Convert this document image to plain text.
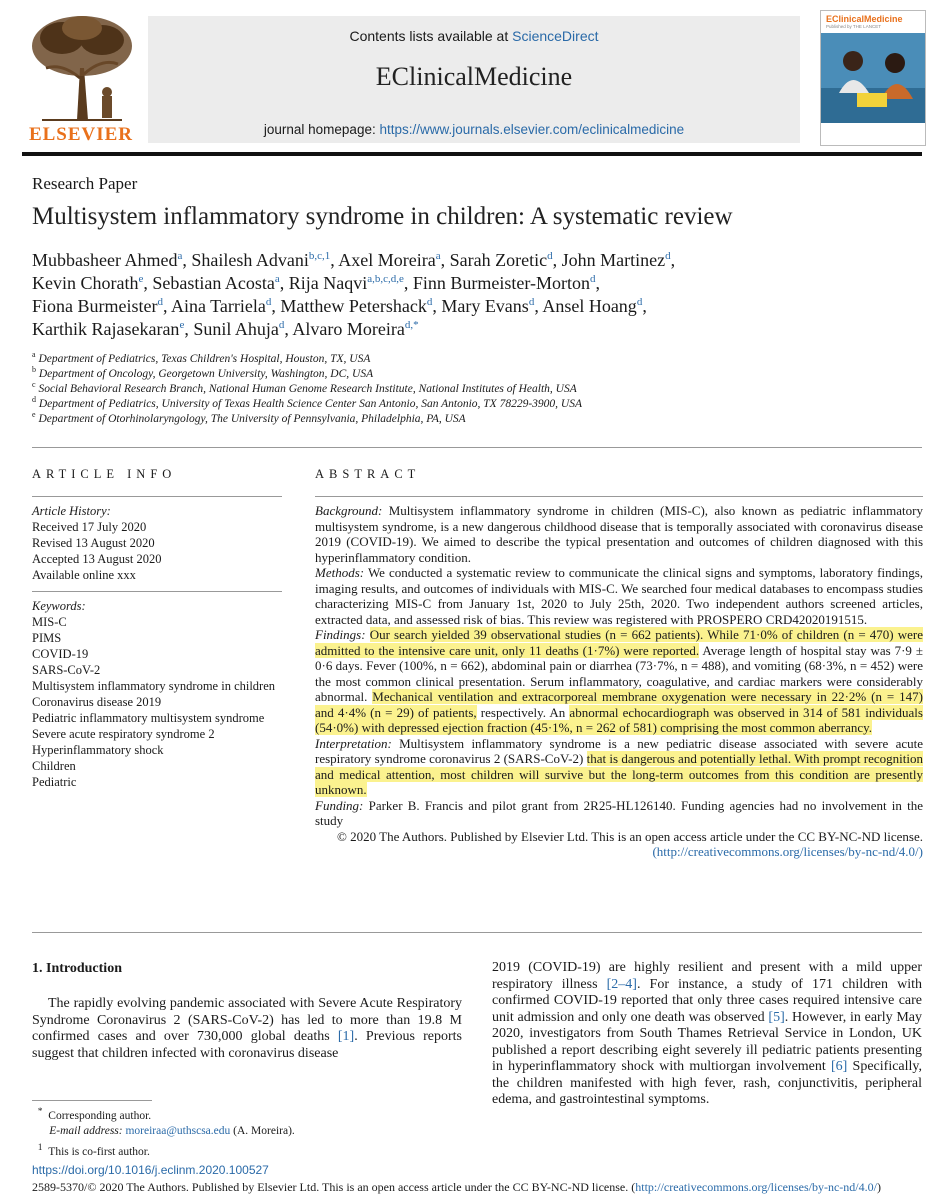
ELSEVIER
Contents lists available at ScienceDirect
EClinicalMedicine
journal homepage: https://www.journals.elsevier.com/eclinicalmedicine
EClinicalMedicine
Published by THE LANCET
Research Paper
Multisystem inflammatory syndrome in children: A systematic review
Mubbasheer Ahmed$^a$, Shailesh Advani$^{b,c,1}$, Axel Moreira$^a$, Sarah Zoretic$^d$, John Martinez$^d$,
Kevin Chorath$^e$, Sebastian Acosta$^a$, Rija Naqvi$^{a,b,c,d,e}$, Finn Burmeister-Morton$^d$,
Fiona Burmeister$^d$, Aina Tarriela$^d$, Matthew Petershack$^d$, Mary Evans$^d$, Ansel Hoang$^d$,
Karthik Rajasekaran$^e$, Sunil Ahuja$^d$, Alvaro Moreira$^{d,*}$
$^a$ Department of Pediatrics, Texas Children's Hospital, Houston, TX, USA
$^b$ Department of Oncology, Georgetown University, Washington, DC, USA
$^c$ Social Behavioral Research Branch, National Human Genome Research Institute, National Institutes of Health, USA
$^d$ Department of Pediatrics, University of Texas Health Science Center San Antonio, San Antonio, TX 78229-3900, USA
$^e$ Department of Otorhinolaryngology, The University of Pennsylvania, Philadelphia, PA, USA
ARTICLE INFO
Article History:
Received 17 July 2020
Revised 13 August 2020
Accepted 13 August 2020
Available online xxx
Keywords:
MIS-C
PIMS
COVID-19
SARS-CoV-2
Multisystem inflammatory syndrome in children
Coronavirus disease 2019
Pediatric inflammatory multisystem syndrome
Severe acute respiratory syndrome 2
Hyperinflammatory shock
Children
Pediatric
ABSTRACT

Background: Multisystem inflammatory syndrome in children (MIS-C), also known as pediatric inflammatory multisystem syndrome, is a new dangerous childhood disease that is temporally associated with coronavirus disease 2019 (COVID-19). We aimed to describe the typical presentation and outcomes of children diagnosed with this hyperinflammatory condition.

Methods: We conducted a systematic review to communicate the clinical signs and symptoms, laboratory findings, imaging results, and outcomes of individuals with MIS-C. We searched four medical databases to encompass studies characterizing MIS-C from January 1st, 2020 to July 25th, 2020. Two independent authors screened articles, extracted data, and assessed risk of bias. This review was registered with PROSPERO CRD42020191515.

Findings: Our search yielded 39 observational studies (n = 662 patients). While 71·0% of children (n = 470) were admitted to the intensive care unit, only 11 deaths (1·7%) were reported. Average length of hospital stay was 7·9 ± 0·6 days. Fever (100%, n = 662), abdominal pain or diarrhea (73·7%, n = 488), and vomiting (68·3%, n = 452) were the most common clinical presentation. Serum inflammatory, coagulative, and cardiac markers were considerably abnormal. Mechanical ventilation and extracorporeal membrane oxygenation were necessary in 22·2% (n = 147) and 4·4% (n = 29) of patients, respectively. An abnormal echocardiograph was observed in 314 of 581 individuals (54·0%) with depressed ejection fraction (45·1%, n = 262 of 581) comprising the most common aberrancy.

Interpretation: Multisystem inflammatory syndrome is a new pediatric disease associated with severe acute respiratory syndrome coronavirus 2 (SARS-CoV-2) that is dangerous and potentially lethal. With prompt recognition and medical attention, most children will survive but the long-term outcomes from this condition are presently unknown.

Funding: Parker B. Francis and pilot grant from 2R25-HL126140. Funding agencies had no involvement in the study

© 2020 The Authors. Published by Elsevier Ltd. This is an open access article under the CC BY-NC-ND license.
(http://creativecommons.org/licenses/by-nc-nd/4.0/)
1. Introduction

The rapidly evolving pandemic associated with Severe Acute Respiratory Syndrome Coronavirus 2 (SARS-CoV-2) has led to more than 19.8 M confirmed cases and over 730,000 global deaths [1]. Previous reports suggest that children infected with coronavirus disease

2019 (COVID-19) are highly resilient and present with a mild upper respiratory illness [2–4]. For instance, a study of 171 children with confirmed COVID-19 reported that only three cases required intensive care unit admission and only one death was observed [5]. However, in early May 2020, investigators from South Thames Retrieval Service in London, UK published a report describing eight severely ill pediatric patients presenting in hyperinflammatory shock with multiorgan involvement [6] Specifically, the children manifested with high fever, rash, conjunctivitis, peripheral edema, and gastrointestinal symptoms.

* Corresponding author.
E-mail address: moreiraa@uthscsa.edu (A. Moreira).
$^1$ This is co-first author.
https://doi.org/10.1016/j.eclinm.2020.100527
2589-5370/© 2020 The Authors. Published by Elsevier Ltd. This is an open access article under the CC BY-NC-ND license. (http://creativecommons.org/licenses/by-nc-nd/4.0/)
